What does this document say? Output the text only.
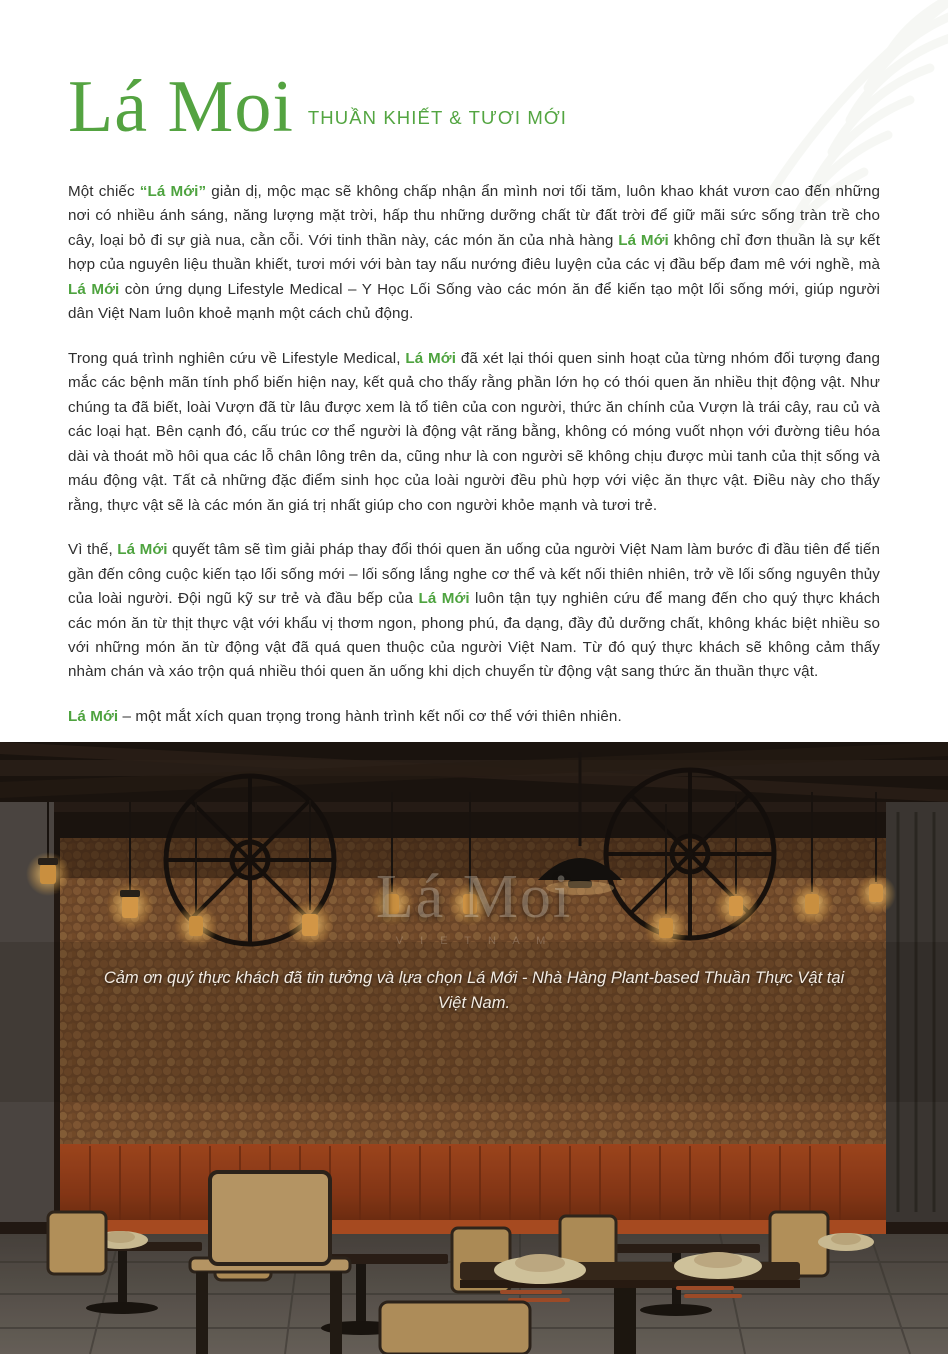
Lá Moi THUẦN KHIẾT & TƯƠI MỚI

Một chiếc “Lá Mới” giản dị, mộc mạc sẽ không chấp nhận ẩn mình nơi tối tăm, luôn khao khát vươn cao đến những nơi có nhiều ánh sáng, năng lượng mặt trời, hấp thu những dưỡng chất từ đất trời để giữ mãi sức sống tràn trề cho cây, loại bỏ đi sự già nua, cằn cỗi. Với tinh thần này, các món ăn của nhà hàng Lá Mới không chỉ đơn thuần là sự kết hợp của nguyên liệu thuần khiết, tươi mới với bàn tay nấu nướng điêu luyện của các vị đầu bếp đam mê với nghề, mà Lá Mới còn ứng dụng Lifestyle Medical – Y Học Lối Sống vào các món ăn để kiến tạo một lối sống mới, giúp người dân Việt Nam luôn khoẻ mạnh một cách chủ động.

Trong quá trình nghiên cứu về Lifestyle Medical, Lá Mới đã xét lại thói quen sinh hoạt của từng nhóm đối tượng đang mắc các bệnh mãn tính phổ biến hiện nay, kết quả cho thấy rằng phần lớn họ có thói quen ăn nhiều thịt động vật. Như chúng ta đã biết, loài Vượn đã từ lâu được xem là tổ tiên của con người, thức ăn chính của Vượn là trái cây, rau củ và các loại hạt. Bên cạnh đó, cấu trúc cơ thể người là động vật răng bằng, không có móng vuốt nhọn với đường tiêu hóa dài và thoát mồ hôi qua các lỗ chân lông trên da, cũng như là con người sẽ không chịu được mùi tanh của thịt sống và máu động vật. Tất cả những đặc điểm sinh học của loài người đều phù hợp với việc ăn thực vật. Điều này cho thấy rằng, thực vật sẽ là các món ăn giá trị nhất giúp cho con người khỏe mạnh và tươi trẻ.

Vì thế, Lá Mới quyết tâm sẽ tìm giải pháp thay đổi thói quen ăn uống của người Việt Nam làm bước đi đầu tiên để tiến gần đến công cuộc kiến tạo lối sống mới – lối sống lắng nghe cơ thể và kết nối thiên nhiên, trở về lối sống nguyên thủy của loài người. Đội ngũ kỹ sư trẻ và đầu bếp của Lá Mới luôn tận tụy nghiên cứu để mang đến cho quý thực khách các món ăn từ thịt thực vật với khẩu vị thơm ngon, phong phú, đa dạng, đầy đủ dưỡng chất, không khác biệt nhiều so với những món ăn từ động vật đã quá quen thuộc của người Việt Nam. Từ đó quý thực khách sẽ không cảm thấy nhàm chán và xáo trộn quá nhiều thói quen ăn uống khi dịch chuyển từ động vật sang thức ăn thuần thực vật.

Lá Mới – một mắt xích quan trọng trong hành trình kết nối cơ thể với thiên nhiên.

Lá Moi
V I E T N A M
Cảm ơn quý thực khách đã tin tưởng và lựa chọn Lá Mới - Nhà Hàng Plant-based Thuần Thực Vật tại Việt Nam.
